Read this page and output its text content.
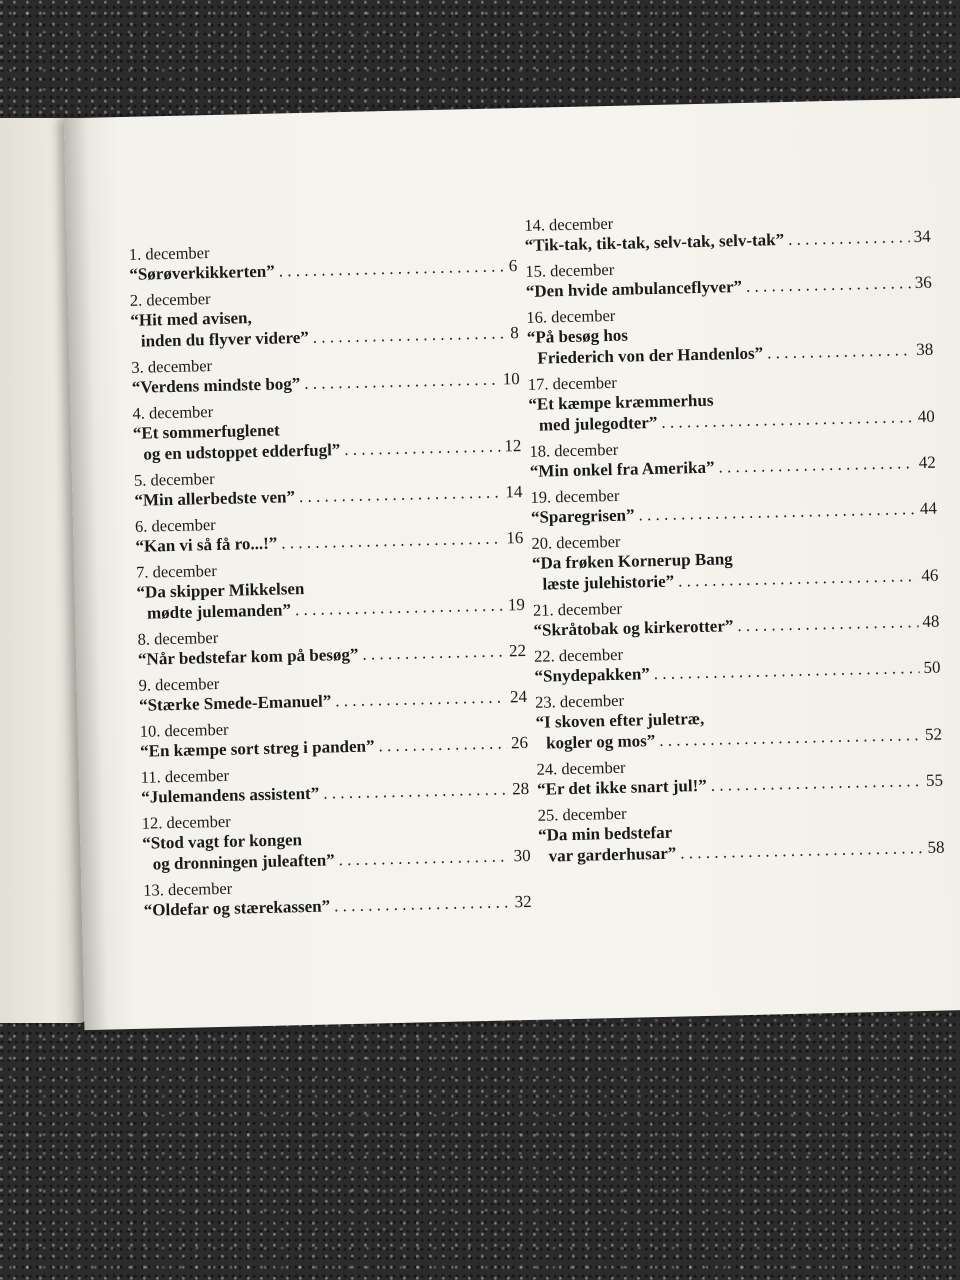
1. december
“Sørøverkikkerten” . . .	6
2. december
“Hit med avisen,
inden du flyver videre” . . .	8
3. december
“Verdens mindste bog” . . .	10
4. december
“Et sommerfuglenet
og en udstoppet edderfugl” . . .	12
5. december
“Min allerbedste ven” . . .	14
6. december
“Kan vi så få ro...!” . . .	16
7. december
“Da skipper Mikkelsen
mødte julemanden” . . .	19
8. december
“Når bedstefar kom på besøg” . . .	22
9. december
“Stærke Smede-Emanuel” . . .	24
10. december
“En kæmpe sort streg i panden” . . .	26
11. december
“Julemandens assistent” . . .	28
12. december
“Stod vagt for kongen
og dronningen juleaften” . . .	30
13. december
“Oldefar og stærekassen” . . .	32
14. december
“Tik-tak, tik-tak, selv-tak, selv-tak” . . .	34
15. december
“Den hvide ambulanceflyver” . . .	36
16. december
“På besøg hos
Friederich von der Handenlos” . . .	38
17. december
“Et kæmpe kræmmerhus
med julegodter” . . .	40
18. december
“Min onkel fra Amerika” . . .	42
19. december
“Sparegrisen” . . .	44
20. december
“Da frøken Kornerup Bang
læste julehistorie” . . .	46
21. december
“Skråtobak og kirkerotter” . . .	48
22. december
“Snydepakken” . . .	50
23. december
“I skoven efter juletræ,
kogler og mos” . . .	52
24. december
“Er det ikke snart jul!” . . .	55
25. december
“Da min bedstefar
var garderhusar” . . .	58
